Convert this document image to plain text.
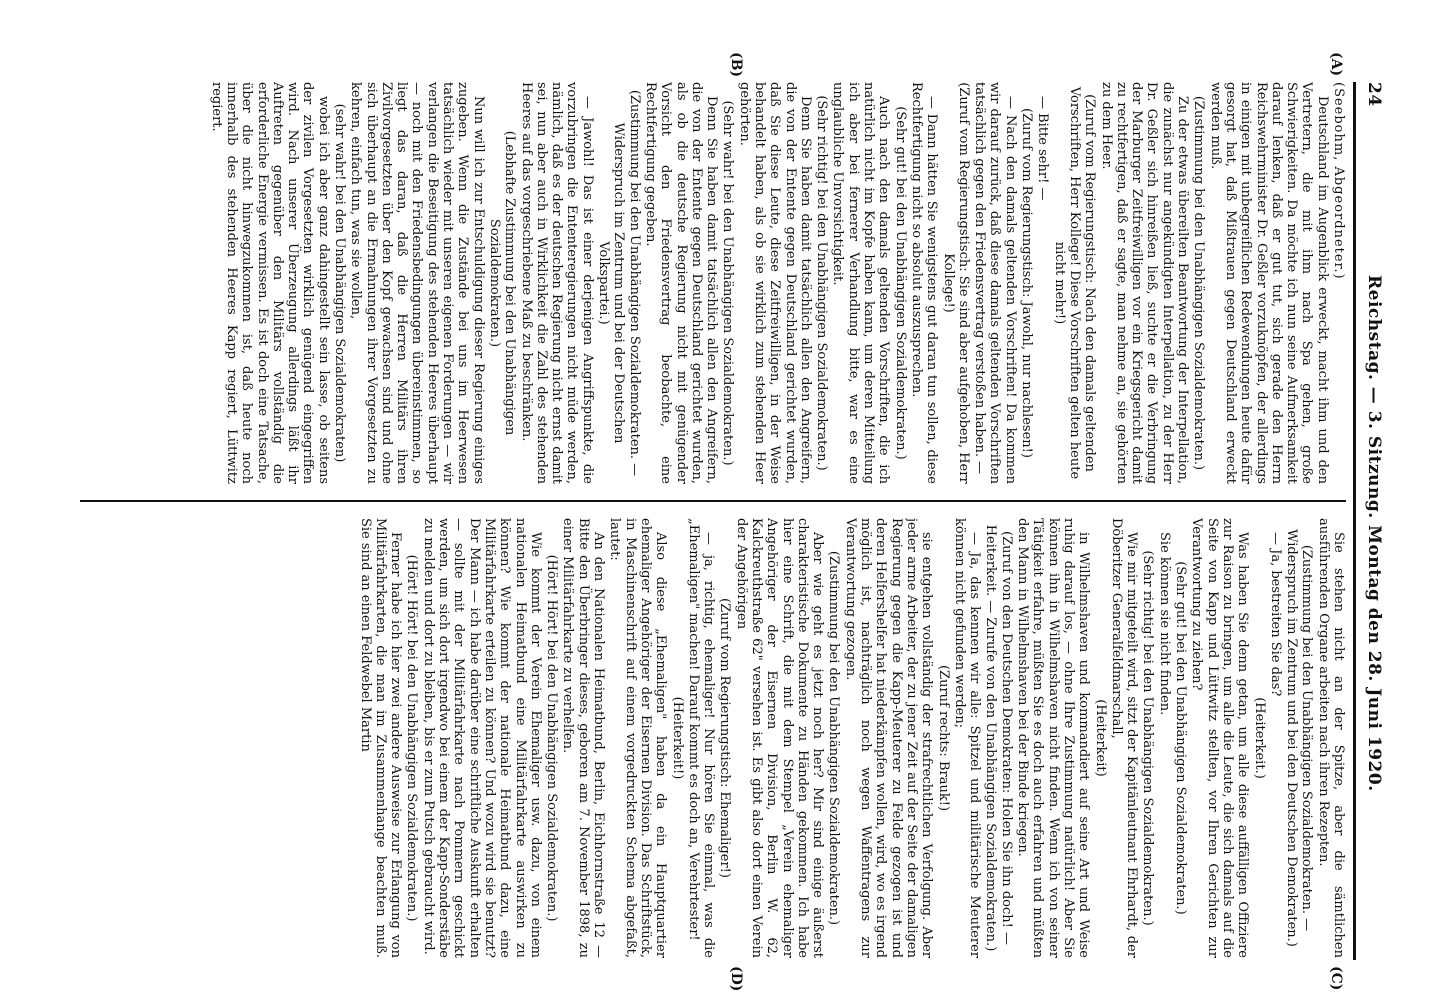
24
Reichstag. — 3. Sitzung. Montag den 28. Juni 1920.
(A)
(B)
(C)
(D)

(Seebohm, Abgeordneter.)

Deutschland im Augenblick erweckt, macht ihm und den Vertretern, die mit ihm nach Spa gehen, große Schwierigkeiten. Da möchte ich nun seine Aufmerksamkeit darauf lenken, daß er gut tut, sich gerade den Herrn Reichswehrminister Dr. Geßler vorzuknöpfen, der allerdings in einigen mit unbegreiflichen Redewendungen heute dafür gesorgt hat, daß Mißtrauen gegen Deutschland erweckt werden muß.

(Zustimmung bei den Unabhängigen Sozialdemokraten.)

Zu der etwas übereilten Beantwortung der Interpellation, die zunächst nur angekündigten Interpellation, zu der Herr Dr. Geßler sich hinreißen ließ, suchte er die Verbringung der Marburger Zeitfreiwilligen vor ein Kriegsgericht damit zu rechtfertigen, daß er sagte, man nehme an, sie gehörten zu dem Heer.

(Zuruf vom Regierungstisch: Nach den damals geltenden Vorschriften, Herr Kollege! Diese Vorschriften gelten heute nicht mehr!)

— Bitte sehr! —

(Zuruf vom Regierungstisch: Jawohl, nur nachlesen!)

— Nach den damals geltenden Vorschriften! Da kommen wir darauf zurück, daß diese damals geltenden Vorschriften tatsächlich gegen den Friedensvertrag verstoßen haben. —

(Zuruf vom Regierungstisch: Sie sind aber aufgehoben, Herr Kollege!)

— Dann hätten Sie wenigstens gut daran tun sollen, diese Rechtfertigung nicht so absolut auszusprechen.

(Sehr gut! bei den Unabhängigen Sozialdemokraten.)

Auch nach den damals geltenden Vorschriften, die ich natürlich nicht im Kopfe haben kann, um deren Mitteilung ich aber bei fernerer Verhandlung bitte, war es eine unglaubliche Unvorsichtigkeit.

(Sehr richtig! bei den Unabhängigen Sozialdemokraten.)

Denn Sie haben damit tatsächlich allen den Angreifern, die von der Entente gegen Deutschland gerichtet wurden, daß Sie diese Leute, diese Zeitfreiwilligen, in der Weise behandelt haben, als ob sie wirklich zum stehenden Heer gehörten.

(Sehr wahr! bei den Unabhängigen Sozialdemokraten.)

Denn Sie haben damit tatsächlich allen den Angreifern, die von der Entente gegen Deutschland gerichtet wurden, als ob die deutsche Regierung nicht mit genügender Vorsicht den Friedensvertrag beobachte, eine Rechtfertigung gegeben.

(Zustimmung bei den Unabhängigen Sozialdemokraten. — Widerspruch im Zentrum und bei der Deutschen Volkspartei.)

— Jawohl! Das ist einer derjenigen Angriffspunkte, die vorzubringen die Ententeregierungen nicht müde werden, nämlich, daß es der deutschen Regierung nicht ernst damit sei, nun aber auch in Wirklichkeit die Zahl des stehenden Heeres auf das vorgeschriebene Maß zu beschränken.

(Lebhafte Zustimmung bei den Unabhängigen Sozialdemokraten.)

Nun will ich zur Entschuldigung dieser Regierung einiges zugeben. Wenn die Zustände bei uns im Heerwesen tatsächlich wieder mit unseren eigenen Forderungen — wir verlangen die Beseitigung des stehenden Heeres überhaupt — noch mit den Friedensbedingungen übereinstimmen, so liegt das daran, daß die Herren Militärs ihren Zivilvorgesetzten über den Kopf gewachsen sind und ohne sich überhaupt an die Ermahnungen ihrer Vorgesetzten zu kehren, einfach tun, was sie wollen,

(sehr wahr! bei den Unabhängigen Sozialdemokraten)

wobei ich aber ganz dahingestellt sein lasse, ob seitens der zivilen Vorgesetzten wirklich genügend eingegriffen wird. Nach unserer Überzeugung allerdings läßt ihr Auftreten gegenüber den Militärs vollständig die erforderliche Energie vermissen. Es ist doch eine Tatsache, über die nicht hinwegzukommen ist, daß heute noch innerhalb des stehenden Heeres Kapp regiert, Lüttwitz regiert.

Sie stehen nicht an der Spitze, aber die sämtlichen ausführenden Organe arbeiten nach ihren Rezepten.

(Zustimmung bei den Unabhängigen Sozialdemokraten. — Widerspruch im Zentrum und bei den Deutschen Demokraten.)

— Ja, bestreiten Sie das?

(Heiterkeit.)

Was haben Sie denn getan, um alle diese auffälligen Offiziere zur Raison zu bringen, um alle die Leute, die sich damals auf die Seite von Kapp und Lüttwitz stellten, vor Ihren Gerichten zur Verantwortung zu ziehen?

(Sehr gut! bei den Unabhängigen Sozialdemokraten.)

Sie können sie nicht finden.

(Sehr richtig! bei den Unabhängigen Sozialdemokraten.)

Wie mir mitgeteilt wird, sitzt der Kapitänleutnant Ehrhardt, der Döberitzer Generalfeldmarschall,

(Heiterkeit)

in Wilhelmshaven und kommandiert auf seine Art und Weise ruhig darauf los, — ohne Ihre Zustimmung natürlich! Aber Sie können ihn in Wilhelmshaven nicht finden. Wenn ich von seiner Tätigkeit erfahre, müßten Sie es doch auch erfahren und müßten den Mann in Wilhelmshaven bei der Binde kriegen.

(Zuruf von den Deutschen Demokraten: Holen Sie ihn doch! — Heiterkeit. — Zurufe von den Unabhängigen Sozialdemokraten.)

— Ja, das kennen wir alle: Spitzel und militärische Meuterer können nicht gefunden werden;

(Zuruf rechts: Brauk!)

sie entgehen vollständig der strafrechtlichen Verfolgung. Aber jeder arme Arbeiter, der zu jener Zeit auf der Seite der damaligen Regierung gegen die Kapp-Meuterer zu Felde gezogen ist und deren Helfershelfer hat niederkämpfen wollen, wird, wo es irgend möglich ist, nachträglich noch wegen Waffentragens zur Verantwortung gezogen.

(Zustimmung bei den Unabhängigen Sozialdemokraten.)

Aber wie geht es jetzt noch her? Mir sind einige äußerst charakteristische Dokumente zu Händen gekommen. Ich habe hier eine Schrift, die mit dem Stempel „Verein ehemaliger Angehöriger der Eisernen Division, Berlin W. 62, Kalckreuthstraße 62" versehen ist. Es gibt also dort einen Verein der Angehörigen

(Zuruf vom Regierungstisch: Ehemaliger!)

— ja, richtig, ehemaliger! Nur hören Sie einmal, was die „Ehemaligen" machen! Darauf kommt es doch an, Verehrtester!

(Heiterkeit!)

Also diese „Ehemaligen" haben da ein Hauptquartier ehemaliger Angehöriger der Eisernen Division. Das Schriftstück, in Maschinenschrift auf einem vorgedruckten Schema abgefaßt, lautet:

An den Nationalen Heimatbund, Berlin, Eichhornstraße 12 — Bitte den Überbringer dieses, geboren am 7. November 1898, zu einer Militärfahrkarte zu verhelfen.

(Hört! Hört! bei den Unabhängigen Sozialdemokraten.)

Wie kommt der Verein Ehemaliger usw. dazu, von einem nationalen Heimatbund eine Militärfahrkarte auswirken zu können? Wie kommt der nationale Heimatbund dazu, eine Militärfahrkarte erteilen zu können? Und wozu wird sie benutzt? Der Mann — ich habe darüber eine schriftliche Auskunft erhalten — sollte mit der Militärfahrkarte nach Pommern geschickt werden, um sich dort irgendwo bei einem der Kapp-Sonderstäbe zu melden und dort zu bleiben, bis er zum Putsch gebraucht wird.

(Hört! Hört! bei den Unabhängigen Sozialdemokraten.)

Ferner habe ich hier zwei andere Ausweise zur Erlangung von Militärfahrkarten, die man im Zusammenhange beachten muß. Sie sind an einen Feldwebel Martin
